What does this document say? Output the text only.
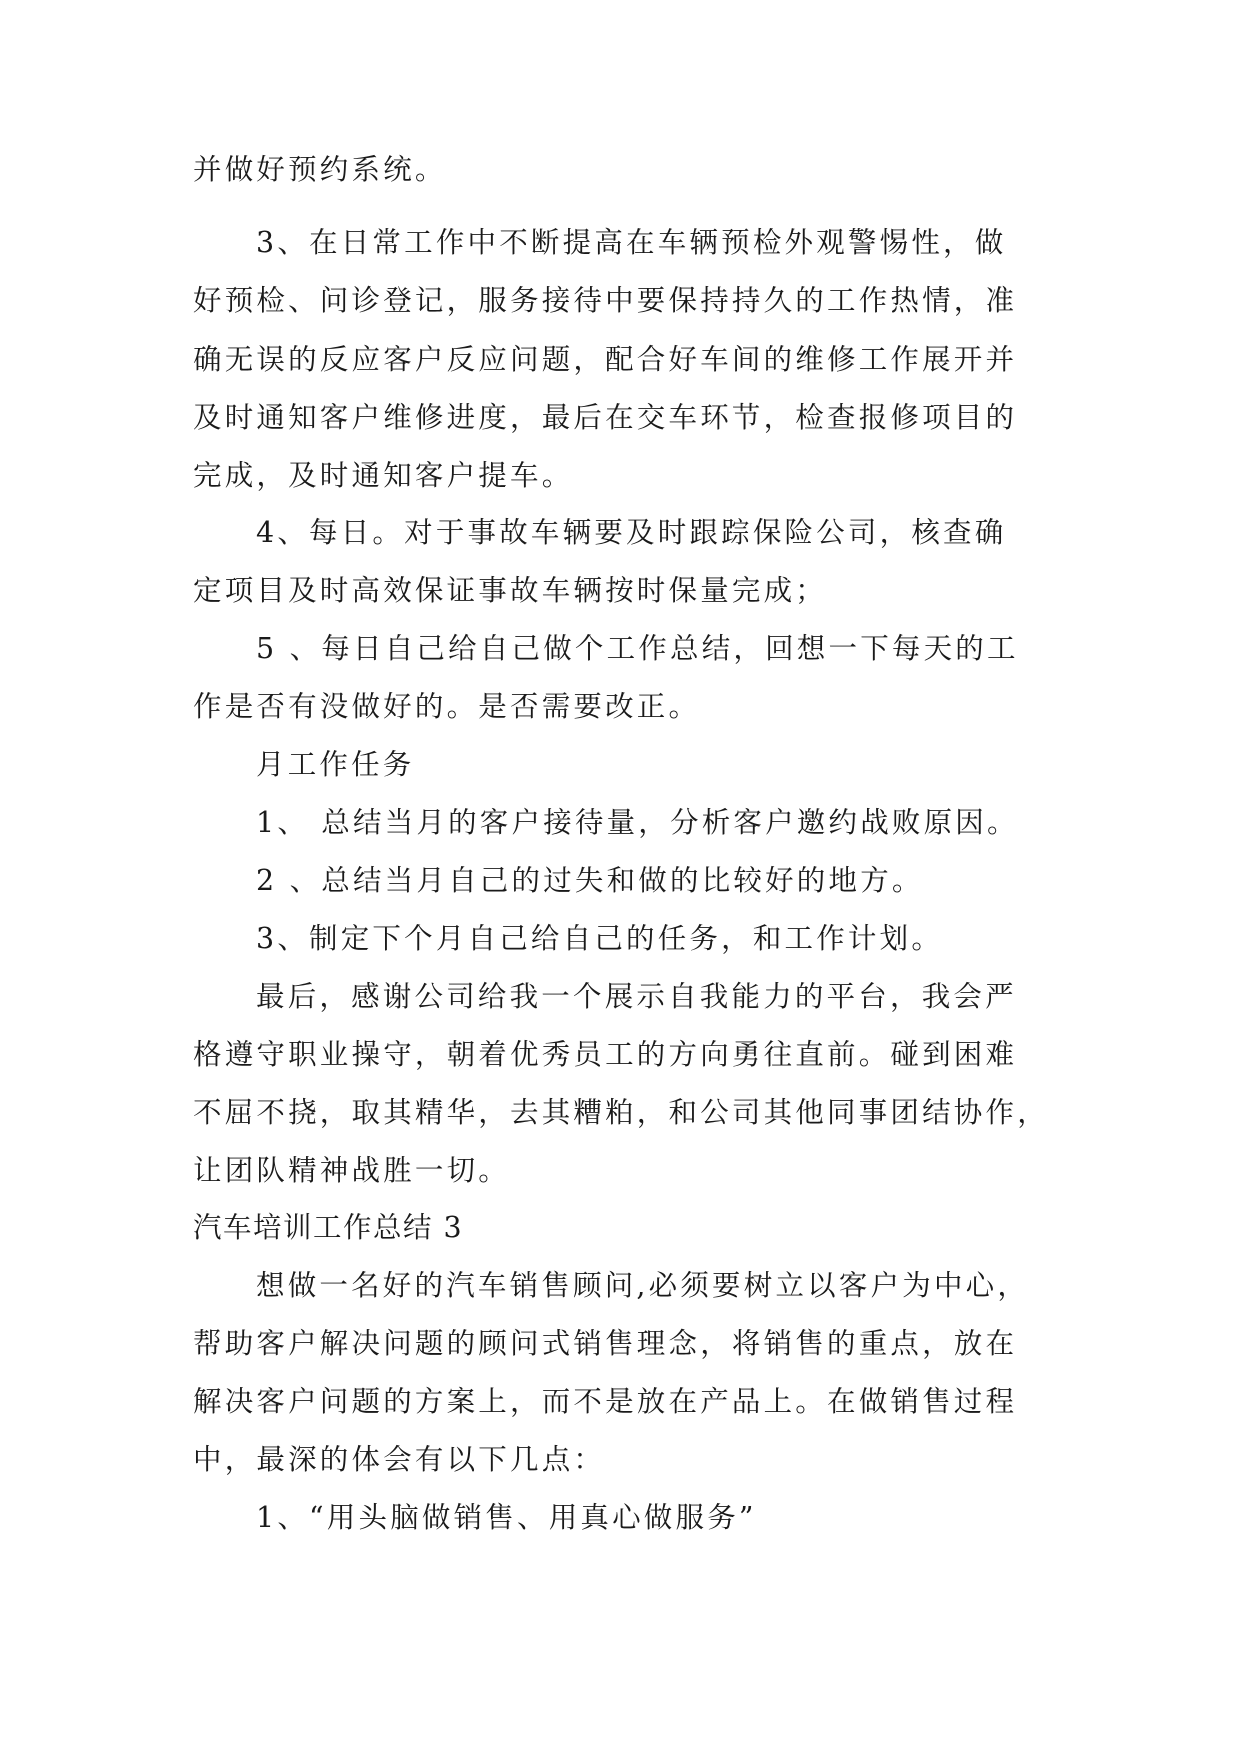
并做好预约系统。
3、在日常工作中不断提高在车辆预检外观警惕性，做
好预检、问诊登记，服务接待中要保持持久的工作热情，准
确无误的反应客户反应问题，配合好车间的维修工作展开并
及时通知客户维修进度，最后在交车环节，检查报修项目的
完成，及时通知客户提车。
4、每日。对于事故车辆要及时跟踪保险公司，核查确
定项目及时高效保证事故车辆按时保量完成；
5 、每日自己给自己做个工作总结，回想一下每天的工
作是否有没做好的。是否需要改正。
月工作任务
1、 总结当月的客户接待量，分析客户邀约战败原因。
2 、总结当月自己的过失和做的比较好的地方。
3、制定下个月自己给自己的任务，和工作计划。
最后，感谢公司给我一个展示自我能力的平台，我会严
格遵守职业操守，朝着优秀员工的方向勇往直前。碰到困难
不屈不挠，取其精华，去其糟粕，和公司其他同事团结协作，
让团队精神战胜一切。
汽车培训工作总结 3
想做一名好的汽车销售顾问,必须要树立以客户为中心，
帮助客户解决问题的顾问式销售理念，将销售的重点，放在
解决客户问题的方案上，而不是放在产品上。在做销售过程
中，最深的体会有以下几点：
1、“用头脑做销售、用真心做服务”
